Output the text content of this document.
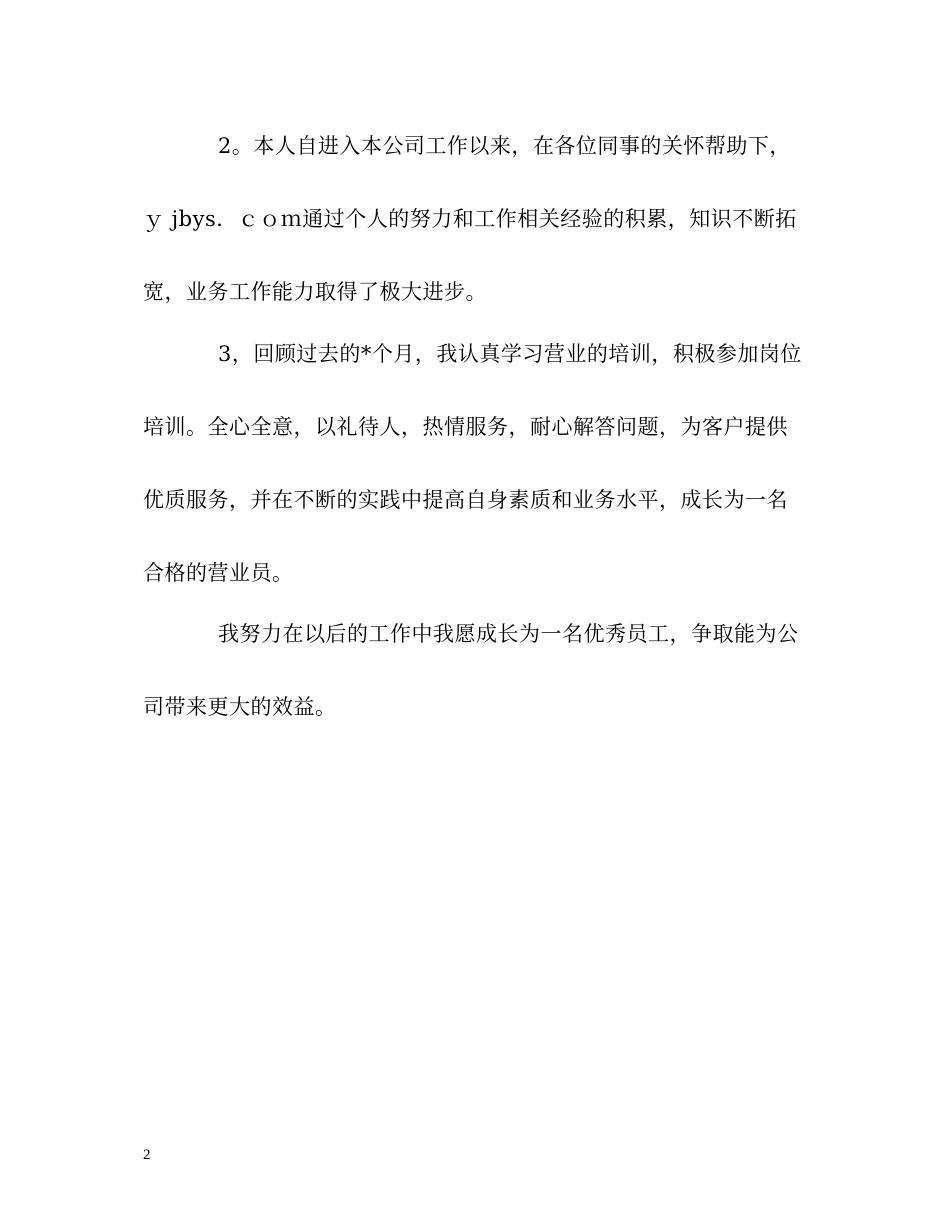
2。本人自进入本公司工作以来，在各位同事的关怀帮助下，
ｙ jbys．ｃｏｍ通过个人的努力和工作相关经验的积累，知识不断拓
宽，业务工作能力取得了极大进步。
3，回顾过去的*个月，我认真学习营业的培训，积极参加岗位
培训。全心全意，以礼待人，热情服务，耐心解答问题，为客户提供
优质服务，并在不断的实践中提高自身素质和业务水平，成长为一名
合格的营业员。
我努力在以后的工作中我愿成长为一名优秀员工，争取能为公
司带来更大的效益。
2
